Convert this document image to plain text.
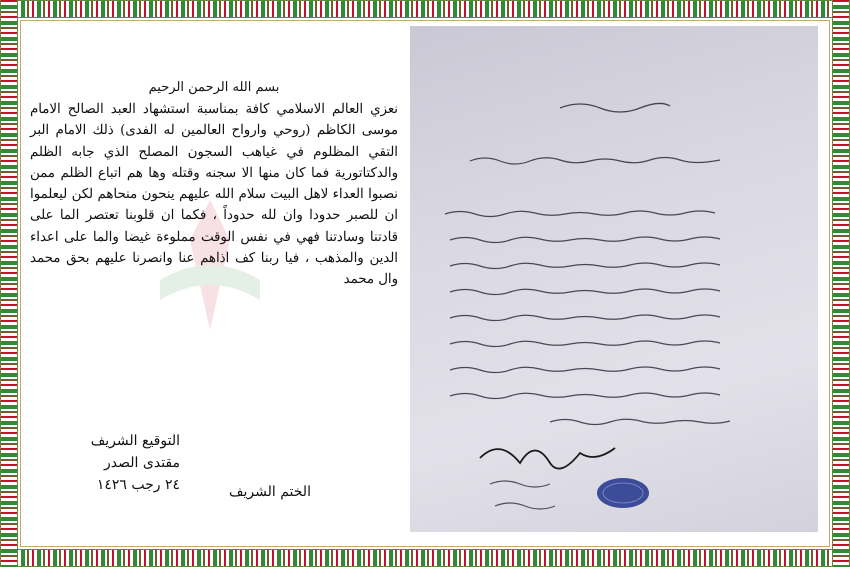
بسم الله الرحمن الرحيم

نعزي العالم الاسلامي كافة بمناسبة استشهاد العبد الصالح الامام موسى الكاظم (روحي وارواح العالمين له الفدى) ذلك الامام البر التقي المظلوم في غياهب السجون المصلح الذي جابه الظلم والدكتاتورية فما كان منها الا سجنه وقتله وها هم اتباع الظلم ممن نصبوا العداء لاهل البيت سلام الله عليهم ينحون منحاهم لكن ليعلموا ان للصبر حدودا وان لله حدوداً ، فكما ان قلوبنا تعتصر الما على قادتنا وسادتنا فهي في نفس الوقت مملوءة غيضا والما على اعداء الدين والمذهب ، فيا ربنا كف اذاهم عنا وانصرنا عليهم بحق محمد وال محمد

التوقيع الشريف
مقتدى الصدر
٢٤ رجب ١٤٢٦	الختم الشريف
